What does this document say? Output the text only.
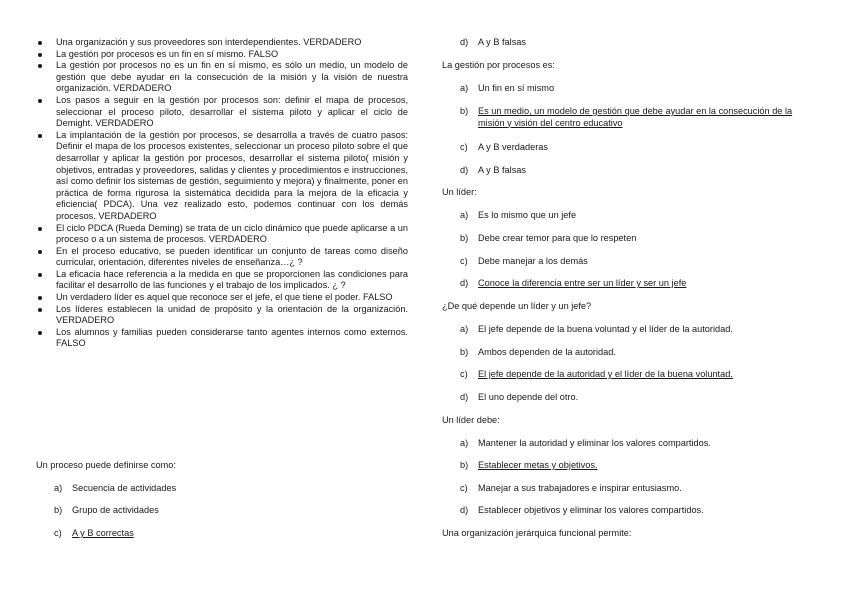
Una organización y sus proveedores son interdependientes. VERDADERO
La gestión por procesos es un fin en sí mismo. FALSO
La gestión por procesos no es un fin en sí mismo, es sólo un medio, un modelo de gestión que debe ayudar en la consecución de la misión y la visión de nuestra organización. VERDADERO
Los pasos a seguir en la gestión por procesos son: definir el mapa de procesos, seleccionar el proceso piloto, desarrollar el sistema piloto y aplicar el ciclo de Demight. VERDADERO
La implantación de la gestión por procesos, se desarrolla a través de cuatro pasos: Definir el mapa de los procesos existentes, seleccionar un proceso piloto sobre el que desarrollar y aplicar la gestión por procesos, desarrollar el sistema piloto( misión y objetivos, entradas y proveedores, salidas y clientes y procedimientos e instrucciones, así como definir los sistemas de gestión, seguimiento y mejora) y finalmente, poner en práctica de forma rigurosa la sistemática decidida para la mejora de la eficacia y eficiencia( PDCA). Una vez realizado esto, podemos continuar con los demás procesos. VERDADERO
El ciclo PDCA (Rueda Deming) se trata de un ciclo dinámico que puede aplicarse a un proceso o a un sistema de procesos. VERDADERO
En el proceso educativo, se pueden identificar un conjunto de tareas como diseño curricular, orientación, diferentes niveles de enseñanza…¿ ?
La eficacia hace referencia a la medida en que se proporcionen las condiciones para facilitar el desarrollo de las funciones y el trabajo de los implicados. ¿ ?
Un verdadero líder es aquel que reconoce ser el jefe, el que tiene el poder. FALSO
Los líderes establecen la unidad de propósito y la orientación de la organización. VERDADERO
Los alumnos y familias pueden considerarse tanto agentes internos como externos. FALSO
Un proceso puede definirse como:
a) Secuencia de actividades
b) Grupo de actividades
c) A y B correctas
d) A y B falsas
La gestión por procesos es:
a) Un fin en sí mismo
b) Es un medio, un modelo de gestión que debe ayudar en la consecución de la misión y visión del centro educativo
c) A y B verdaderas
d) A y B falsas
Un líder:
a) Es lo mismo que un jefe
b) Debe crear temor para que lo respeten
c) Debe manejar a los demás
d) Conoce la diferencia entre ser un líder y ser un jefe
¿De qué depende un líder y un jefe?
a) El jefe depende de la buena voluntad y el líder de la autoridad.
b) Ambos dependen de la autoridad.
c) El jefe depende de la autoridad y el líder de la buena voluntad.
d) El uno depende del otro.
Un líder debe:
a) Mantener la autoridad y eliminar los valores compartidos.
b) Establecer metas y objetivos.
c) Manejar a sus trabajadores e inspirar entusiasmo.
d) Establecer objetivos y eliminar los valores compartidos.
Una organización jerárquica funcional permite:
